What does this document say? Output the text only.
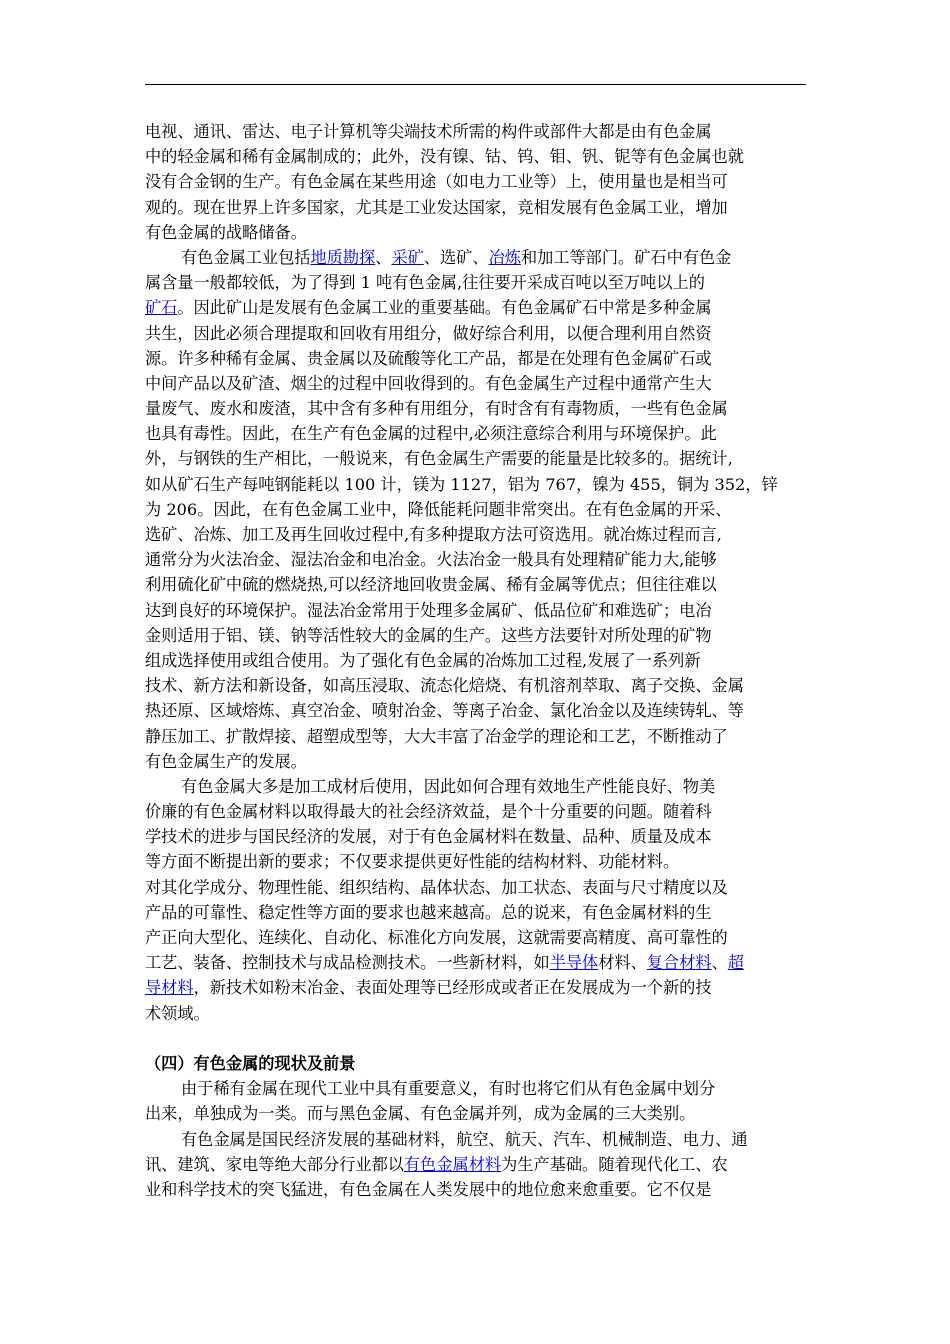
电视、通讯、雷达、电子计算机等尖端技术所需的构件或部件大都是由有色金属
中的轻金属和稀有金属制成的；此外，没有镍、钴、钨、钼、钒、铌等有色金属也就
没有合金钢的生产。有色金属在某些用途（如电力工业等）上，使用量也是相当可
观的。现在世界上许多国家，尤其是工业发达国家，竞相发展有色金属工业，增加
有色金属的战略储备。
有色金属工业包括地质勘探、采矿、选矿、冶炼和加工等部门。矿石中有色金
属含量一般都较低，为了得到 1 吨有色金属,往往要开采成百吨以至万吨以上的
矿石。因此矿山是发展有色金属工业的重要基础。有色金属矿石中常是多种金属
共生，因此必须合理提取和回收有用组分，做好综合利用，以便合理利用自然资
源。许多种稀有金属、贵金属以及硫酸等化工产品，都是在处理有色金属矿石或
中间产品以及矿渣、烟尘的过程中回收得到的。有色金属生产过程中通常产生大
量废气、废水和废渣，其中含有多种有用组分，有时含有有毒物质，一些有色金属
也具有毒性。因此，在生产有色金属的过程中,必须注意综合利用与环境保护。此
外，与钢铁的生产相比，一般说来，有色金属生产需要的能量是比较多的。据统计,
如从矿石生产每吨钢能耗以 100 计，镁为 1127，铝为 767，镍为 455，铜为 352，锌
为 206。因此，在有色金属工业中，降低能耗问题非常突出。在有色金属的开采、
选矿、冶炼、加工及再生回收过程中,有多种提取方法可资选用。就冶炼过程而言,
通常分为火法冶金、湿法冶金和电冶金。火法冶金一般具有处理精矿能力大,能够
利用硫化矿中硫的燃烧热,可以经济地回收贵金属、稀有金属等优点；但往往难以
达到良好的环境保护。湿法冶金常用于处理多金属矿、低品位矿和难选矿；电冶
金则适用于铝、镁、钠等活性较大的金属的生产。这些方法要针对所处理的矿物
组成选择使用或组合使用。为了强化有色金属的冶炼加工过程,发展了一系列新
技术、新方法和新设备，如高压浸取、流态化焙烧、有机溶剂萃取、离子交换、金属
热还原、区域熔炼、真空冶金、喷射冶金、等离子冶金、氯化冶金以及连续铸轧、等
静压加工、扩散焊接、超塑成型等，大大丰富了冶金学的理论和工艺，不断推动了
有色金属生产的发展。
有色金属大多是加工成材后使用，因此如何合理有效地生产性能良好、物美
价廉的有色金属材料以取得最大的社会经济效益，是个十分重要的问题。随着科
学技术的进步与国民经济的发展，对于有色金属材料在数量、品种、质量及成本
等方面不断提出新的要求；不仅要求提供更好性能的结构材料、功能材料。
对其化学成分、物理性能、组织结构、晶体状态、加工状态、表面与尺寸精度以及
产品的可靠性、稳定性等方面的要求也越来越高。总的说来，有色金属材料的生
产正向大型化、连续化、自动化、标准化方向发展，这就需要高精度、高可靠性的
工艺、装备、控制技术与成品检测技术。一些新材料，如半导体材料、复合材料、超
导材料，新技术如粉末冶金、表面处理等已经形成或者正在发展成为一个新的技
术领域。
（四）有色金属的现状及前景
由于稀有金属在现代工业中具有重要意义，有时也将它们从有色金属中划分
出来，单独成为一类。而与黑色金属、有色金属并列，成为金属的三大类别。
有色金属是国民经济发展的基础材料，航空、航天、汽车、机械制造、电力、通
讯、建筑、家电等绝大部分行业都以有色金属材料为生产基础。随着现代化工、农
业和科学技术的突飞猛进，有色金属在人类发展中的地位愈来愈重要。它不仅是
